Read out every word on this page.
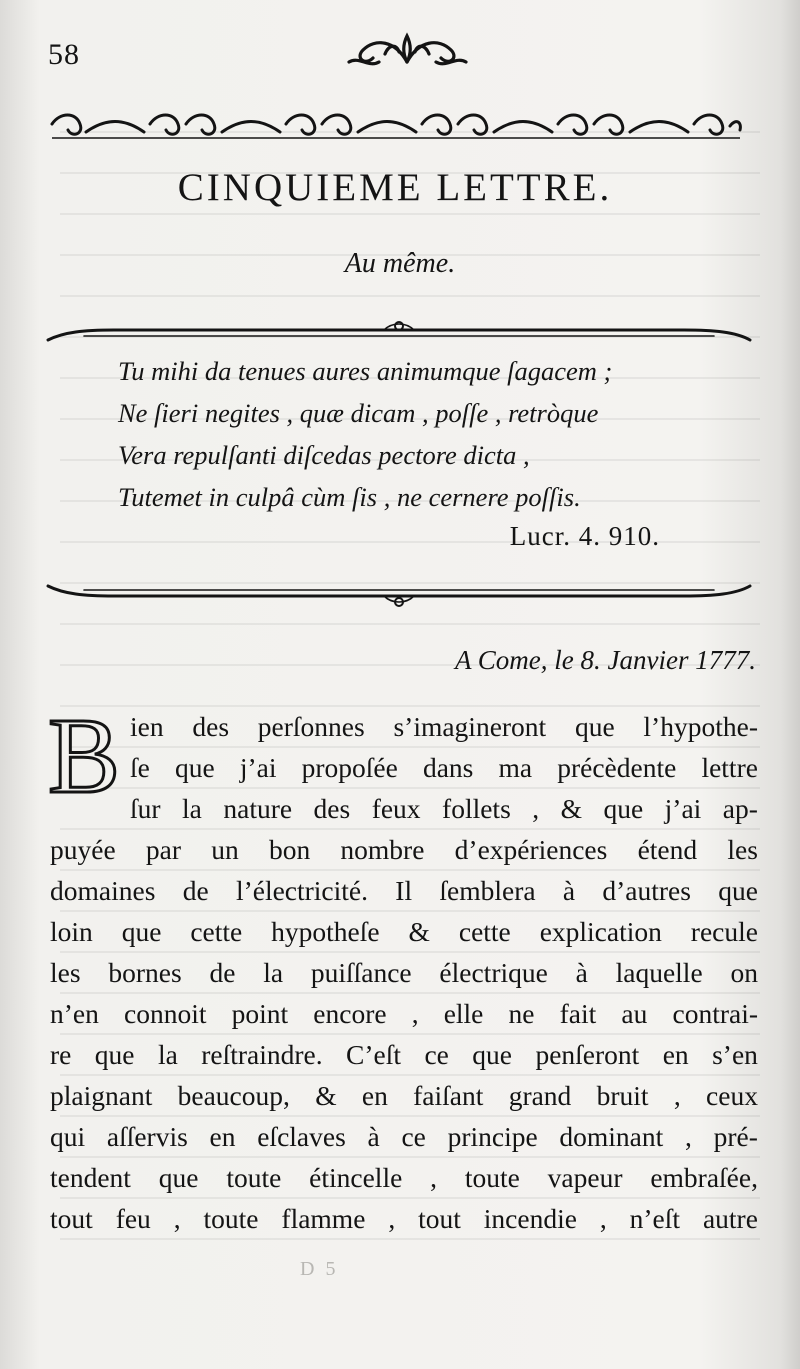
58
CINQUIEME LETTRE.
Au même.
Tu mihi da tenues aures animumque ſagacem ;
Ne ſieri negites , quæ dicam , poſſe , retròque
Vera repulſanti diſcedas pectore dicta ,
Tutemet in culpâ cùm ſis , ne cernere poſſis.
Lucr. 4. 910.
A Come, le 8. Janvier 1777.
B ien des perſonnes s’imagineront que l’hypothe-
ſe que j’ai propoſée dans ma précèdente lettre
ſur la nature des feux follets , & que j’ai ap-
puyée par un bon nombre d’expériences étend les
domaines de l’électricité. Il ſemblera à d’autres que
loin que cette hypotheſe & cette explication recule
les bornes de la puiſſance électrique à laquelle on
n’en connoit point encore , elle ne fait au contrai-
re que la reſtraindre. C’eſt ce que penſeront en s’en
plaignant beaucoup, & en faiſant grand bruit , ceux
qui aſſervis en eſclaves à ce principe dominant , pré-
tendent que toute étincelle , toute vapeur embraſée,
tout feu , toute flamme , tout incendie , n’eſt autre
D 5
